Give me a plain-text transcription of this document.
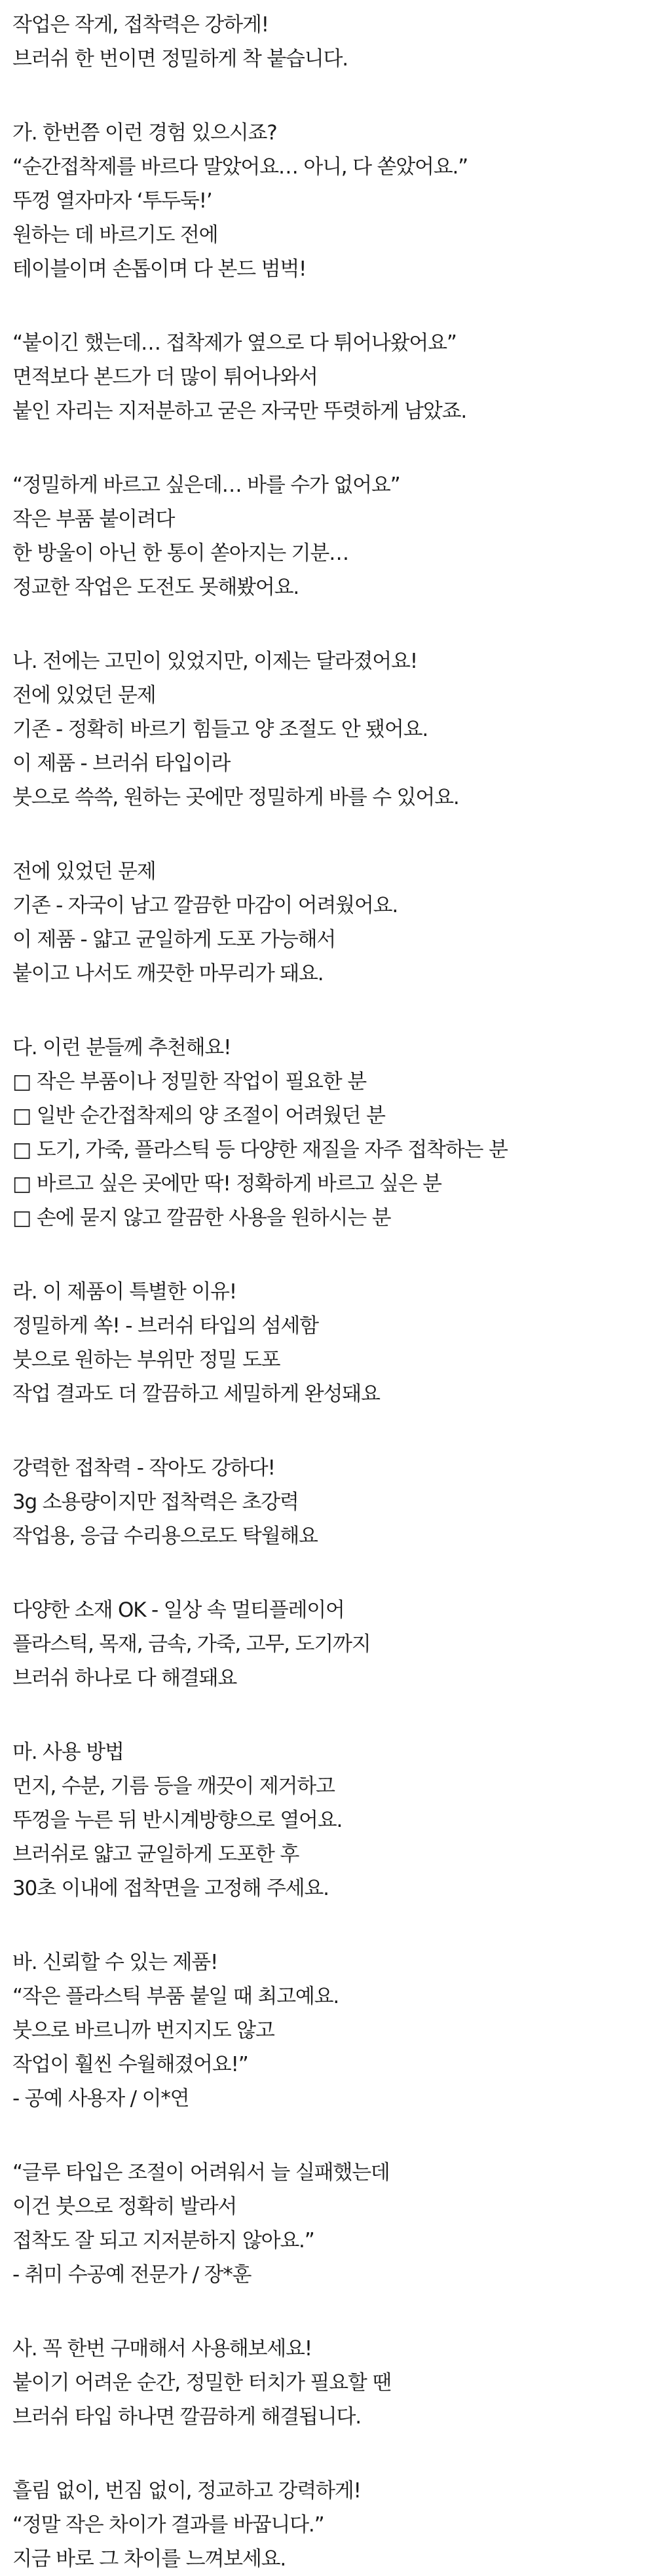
작업은 작게, 접착력은 강하게!
브러쉬 한 번이면 정밀하게 착 붙습니다.
가. 한번쯤 이런 경험 있으시죠?
“순간접착제를 바르다 말았어요… 아니, 다 쏟았어요.”
뚜껑 열자마자 ‘투두둑!’
원하는 데 바르기도 전에
테이블이며 손톱이며 다 본드 범벅!
“붙이긴 했는데… 접착제가 옆으로 다 튀어나왔어요”
면적보다 본드가 더 많이 튀어나와서
붙인 자리는 지저분하고 굳은 자국만 뚜렷하게 남았죠.
“정밀하게 바르고 싶은데… 바를 수가 없어요”
작은 부품 붙이려다
한 방울이 아닌 한 통이 쏟아지는 기분…
정교한 작업은 도전도 못해봤어요.
나. 전에는 고민이 있었지만, 이제는 달라졌어요!
전에 있었던 문제
기존 - 정확히 바르기 힘들고 양 조절도 안 됐어요.
이 제품 - 브러쉬 타입이라
붓으로 쓱쓱, 원하는 곳에만 정밀하게 바를 수 있어요.
전에 있었던 문제
기존 - 자국이 남고 깔끔한 마감이 어려웠어요.
이 제품 - 얇고 균일하게 도포 가능해서
붙이고 나서도 깨끗한 마무리가 돼요.
다. 이런 분들께 추천해요!
□ 작은 부품이나 정밀한 작업이 필요한 분
□ 일반 순간접착제의 양 조절이 어려웠던 분
□ 도기, 가죽, 플라스틱 등 다양한 재질을 자주 접착하는 분
□ 바르고 싶은 곳에만 딱! 정확하게 바르고 싶은 분
□ 손에 묻지 않고 깔끔한 사용을 원하시는 분
라. 이 제품이 특별한 이유!
정밀하게 쏙! - 브러쉬 타입의 섬세함
붓으로 원하는 부위만 정밀 도포
작업 결과도 더 깔끔하고 세밀하게 완성돼요
강력한 접착력 - 작아도 강하다!
3g 소용량이지만 접착력은 초강력
작업용, 응급 수리용으로도 탁월해요
다양한 소재 OK - 일상 속 멀티플레이어
플라스틱, 목재, 금속, 가죽, 고무, 도기까지
브러쉬 하나로 다 해결돼요
마. 사용 방법
먼지, 수분, 기름 등을 깨끗이 제거하고
뚜껑을 누른 뒤 반시계방향으로 열어요.
브러쉬로 얇고 균일하게 도포한 후
30초 이내에 접착면을 고정해 주세요.
바. 신뢰할 수 있는 제품!
“작은 플라스틱 부품 붙일 때 최고예요.
붓으로 바르니까 번지지도 않고
작업이 훨씬 수월해졌어요!”
- 공예 사용자 / 이*연
“글루 타입은 조절이 어려워서 늘 실패했는데
이건 붓으로 정확히 발라서
접착도 잘 되고 지저분하지 않아요.”
- 취미 수공예 전문가 / 장*훈
사. 꼭 한번 구매해서 사용해보세요!
붙이기 어려운 순간, 정밀한 터치가 필요할 땐
브러쉬 타입 하나면 깔끔하게 해결됩니다.
흘림 없이, 번짐 없이, 정교하고 강력하게!
“정말 작은 차이가 결과를 바꿉니다.”
지금 바로 그 차이를 느껴보세요.
